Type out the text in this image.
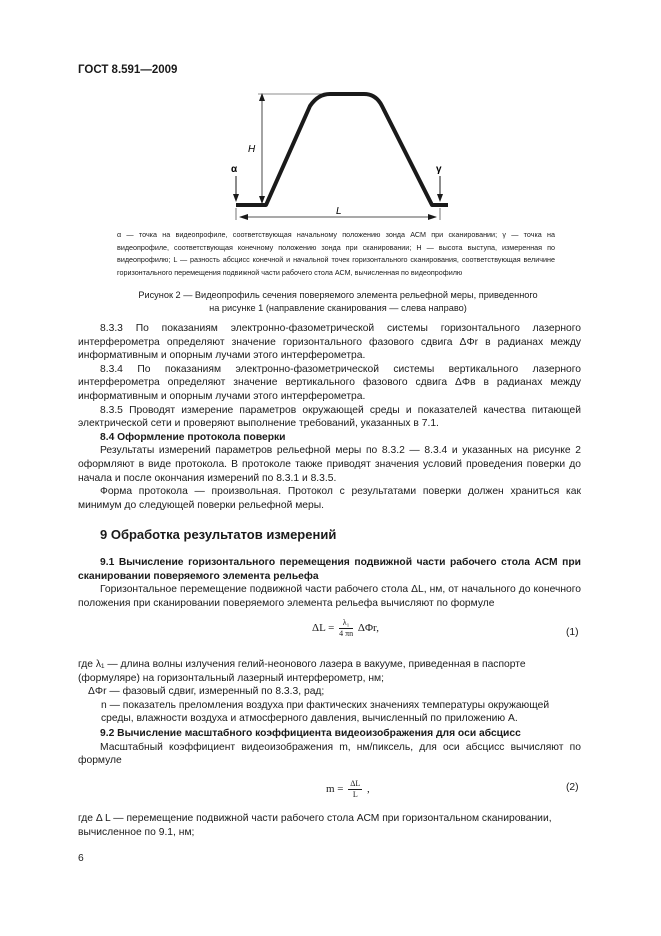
ГОСТ 8.591—2009
α	γ
H
L
α — точка на видеопрофиле, соответствующая начальному положению зонда АСМ при сканировании; γ — точка на видеопрофиле, соответствующая конечному положению зонда при сканировании; H — высота выступа, измеренная по видеопрофилю; L — разность абсцисс конечной и начальной точек горизонтального сканирования, соответствующая величине горизонтального перемещения подвижной части рабочего стола АСМ, вычисленная по видеопрофилю
Рисунок 2 — Видеопрофиль сечения поверяемого элемента рельефной меры, приведенного
на рисунке 1 (направление сканирования — слева направо)

8.3.3 По показаниям электронно-фазометрической системы горизонтального лазерного интерферометра определяют значение горизонтального фазового сдвига ΔΦr в радианах между информативным и опорным лучами этого интерферометра.

8.3.4 По показаниям электронно-фазометрической системы вертикального лазерного интерферометра определяют значение вертикального фазового сдвига ΔΦв в радианах между информативным и опорным лучами этого интерферометра.

8.3.5 Проводят измерение параметров окружающей среды и показателей качества питающей электрической сети и проверяют выполнение требований, указанных в 7.1.

8.4 Оформление протокола поверки

Результаты измерений параметров рельефной меры по 8.3.2 — 8.3.4 и указанных на рисунке 2 оформляют в виде протокола. В протоколе также приводят значения условий проведения поверки до начала и после окончания измерений по 8.3.1 и 8.3.5.

Форма протокола — произвольная. Протокол с результатами поверки должен храниться как минимум до следующей поверки рельефной меры.

9 Обработка результатов измерений

9.1 Вычисление горизонтального перемещения подвижной части рабочего стола АСМ при сканировании поверяемого элемента рельефа

Горизонтальное перемещение подвижной части рабочего стола ΔL, нм, от начального до конечного положения при сканировании поверяемого элемента рельефа вычисляют по формуле

$\Delta L = \frac{\text{λ₁}}{4 \pi n} \Delta\Phi r$,	(1)
где λ₁ — длина волны излучения гелий-неонового лазера в вакууме, приведенная в паспорте (формуляре) на горизонтальный лазерный интерферометр, нм;
ΔΦr — фазовый сдвиг, измеренный по 8.3.3, рад;
n — показатель преломления воздуха при фактических значениях температуры окружающей среды, влажности воздуха и атмосферного давления, вычисленный по приложению А.

9.2 Вычисление масштабного коэффициента видеоизображения для оси абсцисс

Масштабный коэффициент видеоизображения m, нм/пиксель, для оси абсцисс вычисляют по формуле

$m = \frac{\Delta L}{L}$ ,	(2)
где Δ L — перемещение подвижной части рабочего стола АСМ при горизонтальном сканировании, вычисленное по 9.1, нм;
6
